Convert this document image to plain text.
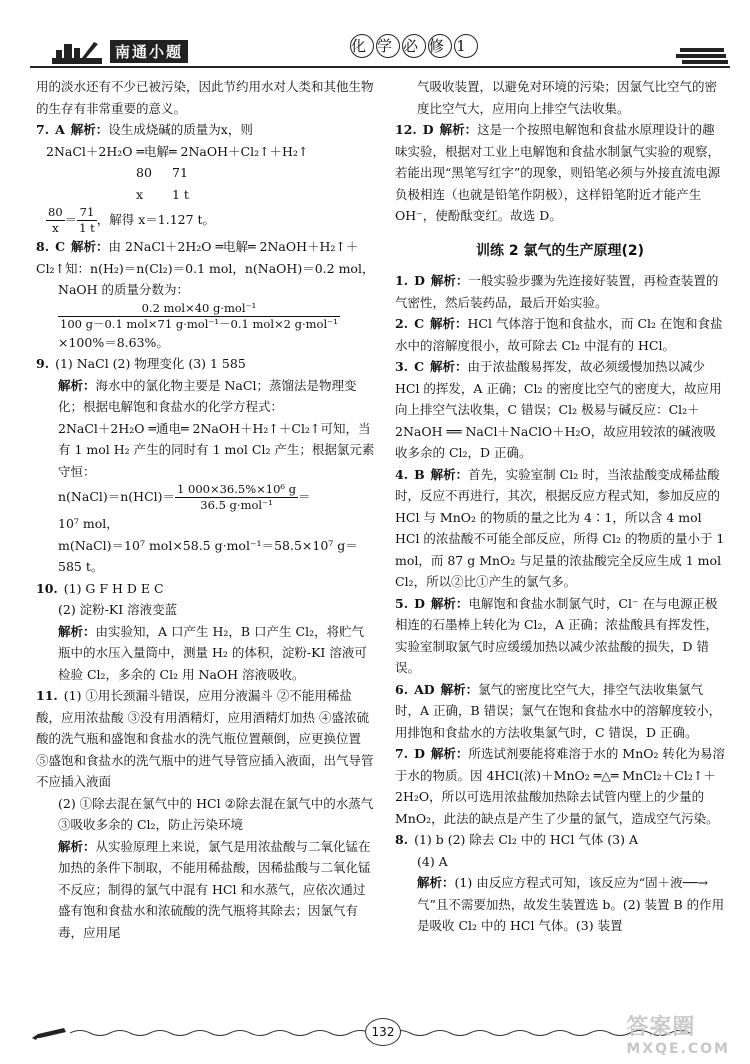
南通小题	化学必修 1

用的淡水还有不少已被污染，因此节约用水对人类和其他生物的生存有非常重要的意义。

7. A 解析：设生成烧碱的质量为x，则
2NaCl＋2H₂O ═电解═ 2NaOH＋Cl₂↑＋H₂↑
80 71
x 1 t
$\frac{80}{x} = \frac{71}{1 t}$ ，解得 x＝1.127 t。
8. C 解析：由 2NaCl＋2H₂O ═电解═ 2NaOH＋H₂↑＋Cl₂↑知：n(H₂)＝n(Cl₂)＝0.1 mol，n(NaOH)＝0.2 mol，
NaOH 的质量分数为：
$\frac{\text{0.2 mol×40 g·mol⁻¹}}{\text{100 g－0.1 mol×71 g·mol⁻¹－0.1 mol×2 g·mol⁻¹}}$
×100%＝8.63%。
9. (1) NaCl (2) 物理变化 (3) 1 585
解析：海水中的氯化物主要是 NaCl；蒸馏法是物理变化；根据电解饱和食盐水的化学方程式：
2NaCl＋2H₂O ═通电═ 2NaOH＋H₂↑＋Cl₂↑可知，当有 1 mol H₂ 产生的同时有 1 mol Cl₂ 产生；根据氯元素守恒：
n(NaCl)＝n(HCl)＝ $\frac{\text{1 000×36.5\%×10⁶ g}}{\text{36.5 g·mol⁻¹}}$ ＝
10⁷ mol，
m(NaCl)＝10⁷ mol×58.5 g·mol⁻¹＝58.5×10⁷ g＝585 t。
10. (1) G F H D E C
(2) 淀粉-KI 溶液变蓝
解析：由实验知，A 口产生 H₂，B 口产生 Cl₂，将贮气瓶中的水压入量筒中，测量 H₂ 的体积，淀粉-KI 溶液可检验 Cl₂，多余的 Cl₂ 用 NaOH 溶液吸收。
11. (1) ①用长颈漏斗错误，应用分液漏斗 ②不能用稀盐酸，应用浓盐酸 ③没有用酒精灯，应用酒精灯加热 ④盛浓硫酸的洗气瓶和盛饱和食盐水的洗气瓶位置颠倒，应更换位置 ⑤盛饱和食盐水的洗气瓶中的进气导管应插入液面，出气导管不应插入液面
(2) ①除去混在氯气中的 HCl ②除去混在氯气中的水蒸气 ③吸收多余的 Cl₂，防止污染环境
解析：从实验原理上来说，氯气是用浓盐酸与二氧化锰在加热的条件下制取，不能用稀盐酸，因稀盐酸与二氧化锰不反应；制得的氯气中混有 HCl 和水蒸气，应依次通过盛有饱和食盐水和浓硫酸的洗气瓶将其除去；因氯气有毒，应用尾

气吸收装置，以避免对环境的污染；因氯气比空气的密度比空气大，应用向上排空气法收集。

12. D 解析：这是一个按照电解饱和食盐水原理设计的趣味实验，根据对工业上电解饱和食盐水制氯气实验的观察，若能出现“黑笔写红字”的现象，则铅笔必须与外接直流电源负极相连（也就是铅笔作阴极），这样铅笔附近才能产生 OH⁻，使酚酞变红。故选 D。
训练 2 氯气的生产原理(2)
1. D 解析：一般实验步骤为先连接好装置，再检查装置的气密性，然后装药品，最后开始实验。
2. C 解析：HCl 气体溶于饱和食盐水，而 Cl₂ 在饱和食盐水中的溶解度很小，故可除去 Cl₂ 中混有的 HCl。
3. C 解析：由于浓盐酸易挥发，故必须缓慢加热以减少 HCl 的挥发，A 正确；Cl₂ 的密度比空气的密度大，故应用向上排空气法收集，C 错误；Cl₂ 极易与碱反应：Cl₂＋2NaOH ══ NaCl＋NaClO＋H₂O，故应用较浓的碱液吸收多余的 Cl₂，D 正确。
4. B 解析：首先，实验室制 Cl₂ 时，当浓盐酸变成稀盐酸时，反应不再进行，其次，根据反应方程式知，参加反应的 HCl 与 MnO₂ 的物质的量之比为 4∶1，所以含 4 mol HCl 的浓盐酸不可能全部反应，所得 Cl₂ 的物质的量小于 1 mol，而 87 g MnO₂ 与足量的浓盐酸完全反应生成 1 mol Cl₂，所以②比①产生的氯气多。
5. D 解析：电解饱和食盐水制氯气时，Cl⁻ 在与电源正极相连的石墨棒上转化为 Cl₂，A 正确；浓盐酸具有挥发性，实验室制取氯气时应缓缓加热以减少浓盐酸的损失，D 错误。
6. AD 解析：氯气的密度比空气大，排空气法收集氯气时，A 正确，B 错误；氯气在饱和食盐水中的溶解度较小，用排饱和食盐水的方法收集氯气时，C 错误，D 正确。
7. D 解析：所选试剂要能将难溶于水的 MnO₂ 转化为易溶于水的物质。因 4HCl(浓)＋MnO₂ ═△═ MnCl₂＋Cl₂↑＋2H₂O，所以可选用浓盐酸加热除去试管内壁上的少量的 MnO₂，此法的缺点是产生了少量的氯气，造成空气污染。
8. (1) b (2) 除去 Cl₂ 中的 HCl 气体 (3) A
(4) A
解析：(1) 由反应方程式可知，该反应为“固＋液──→气”且不需要加热，故发生装置选 b。(2) 装置 B 的作用是吸收 Cl₂ 中的 HCl 气体。(3) 装置
132	答案圈
MXQE.COM
